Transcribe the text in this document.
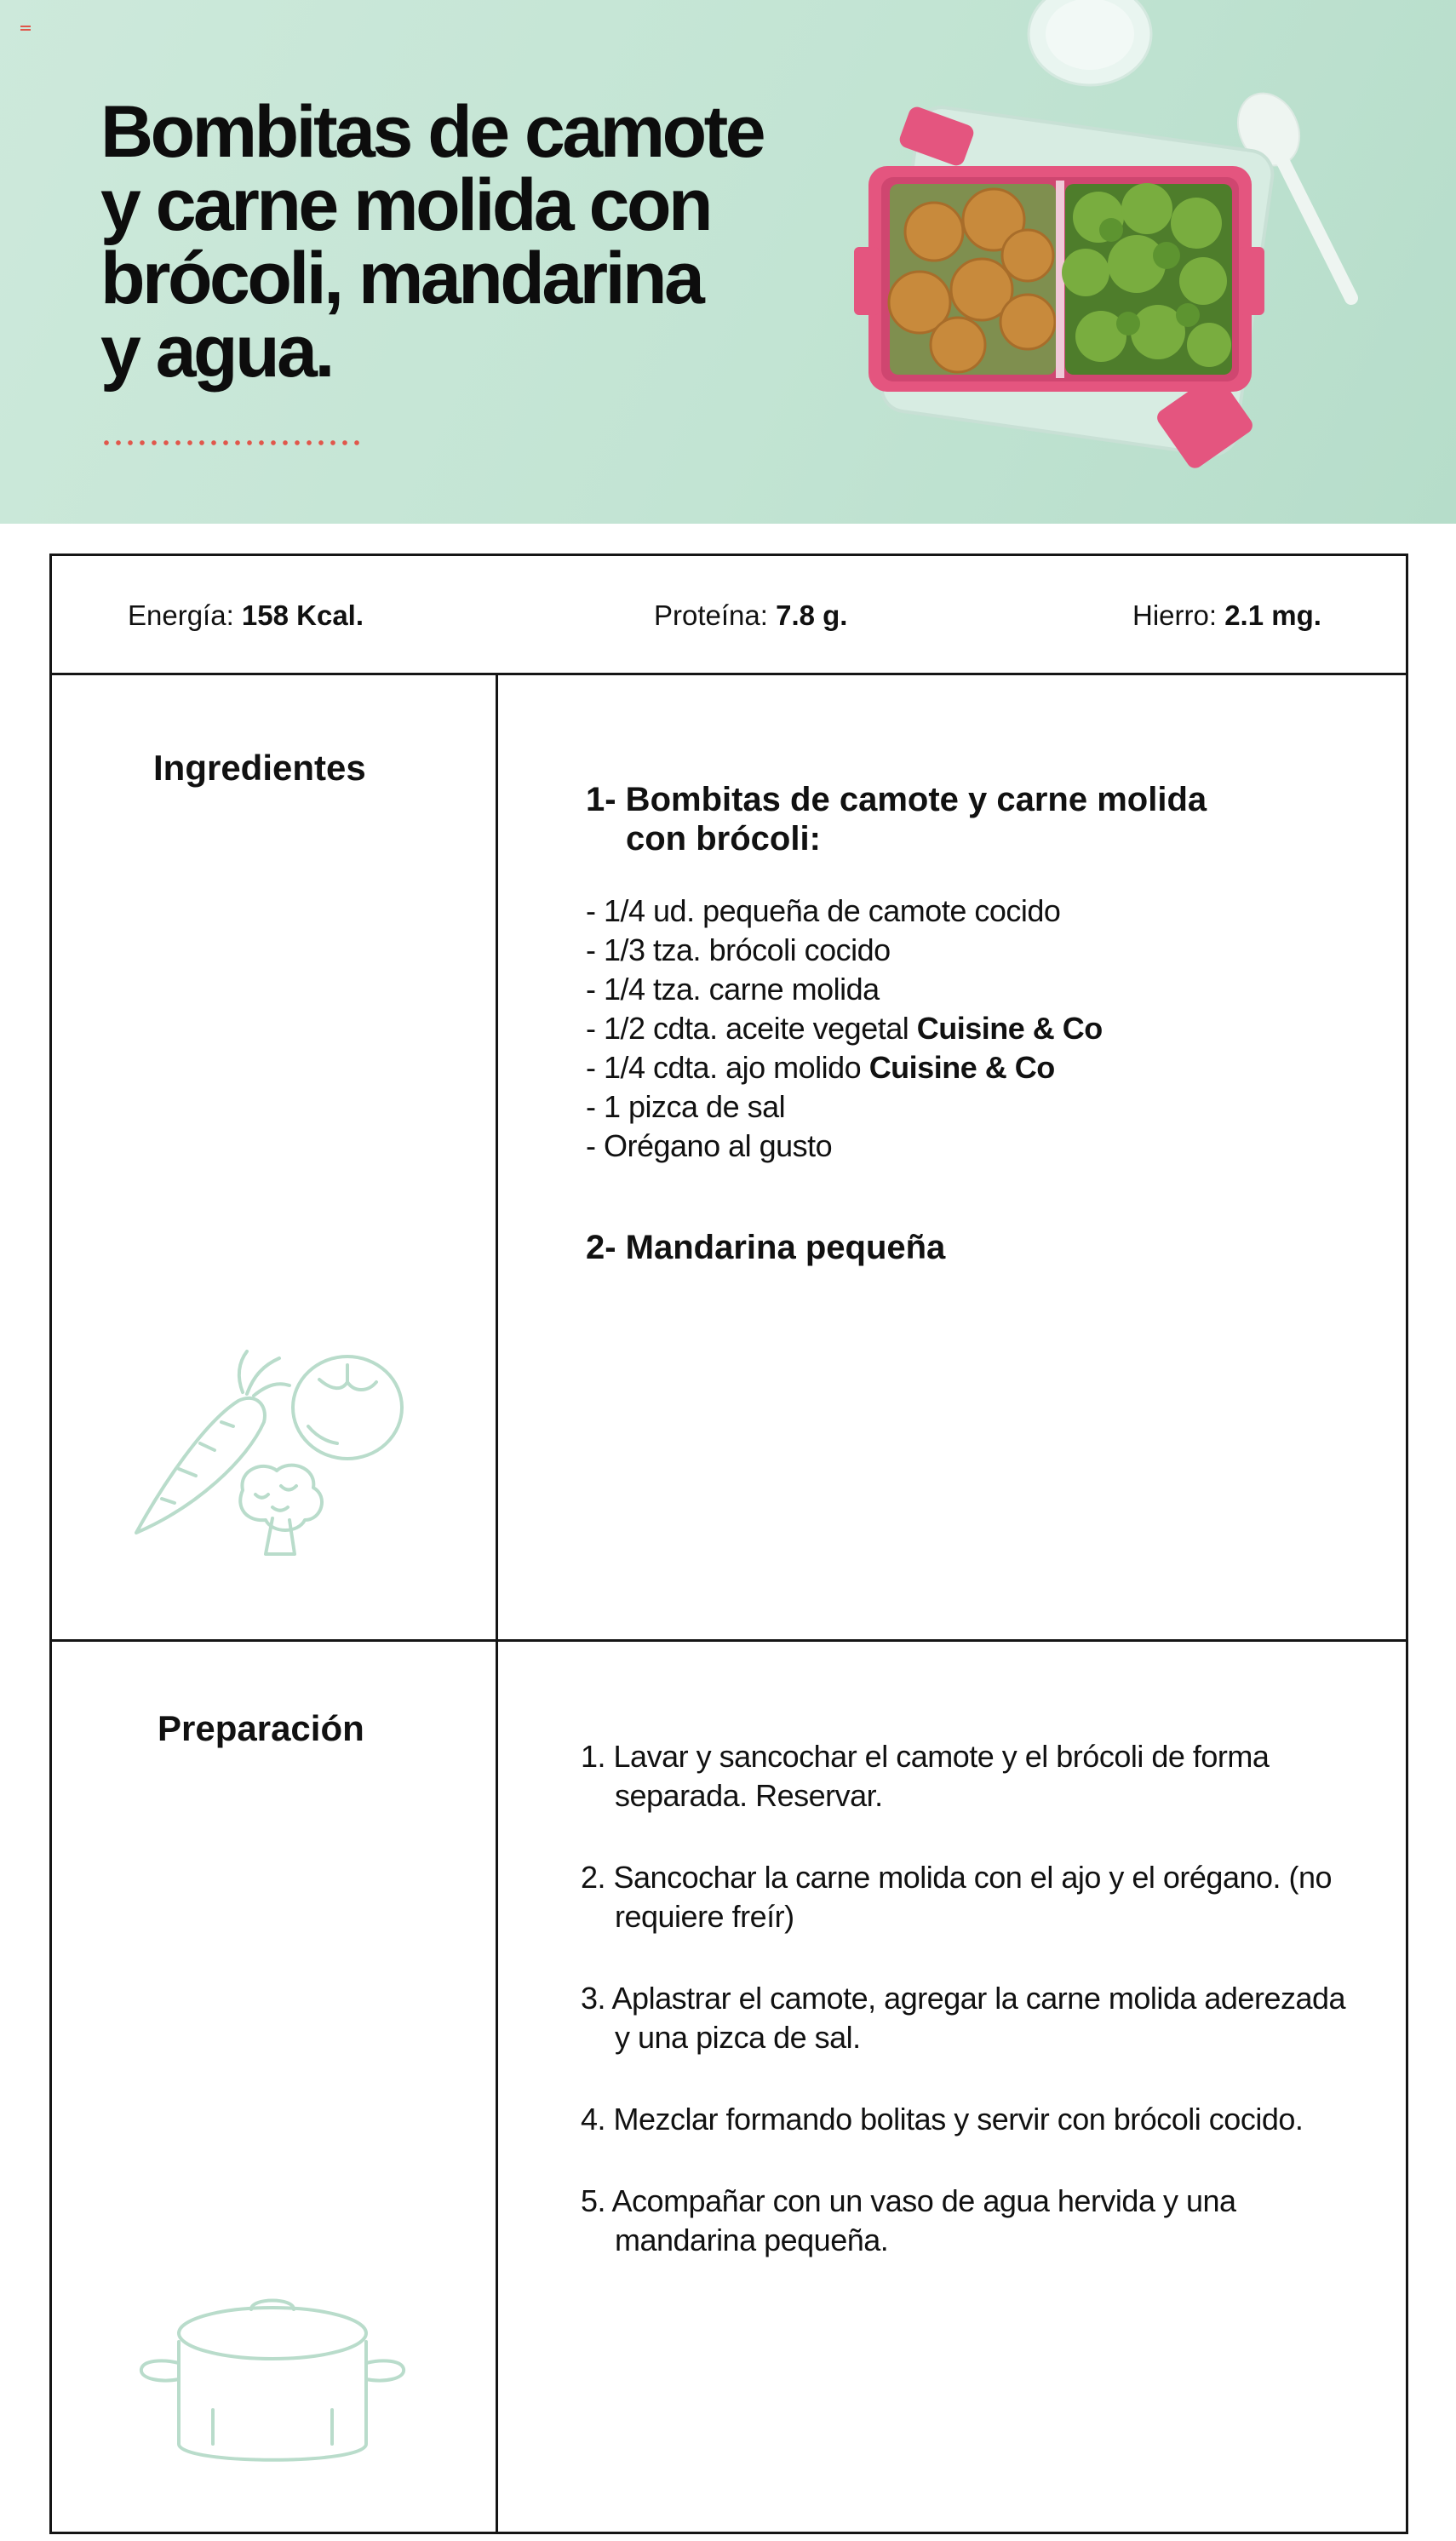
Bombitas de camote
y carne molida con
brócoli, mandarina
y agua.
Energía: 158 Kcal.	Proteína: 7.8 g.	Hierro: 2.1 mg.
Ingredientes
1- Bombitas de camote y carne molida
con brócoli:
- 1/4 ud. pequeña de camote cocido
- 1/3 tza. brócoli cocido
- 1/4 tza. carne molida
- 1/2 cdta. aceite vegetal Cuisine & Co
- 1/4 cdta. ajo molido Cuisine & Co
- 1 pizca de sal
- Orégano al gusto
2- Mandarina pequeña
Preparación
1. Lavar y sancochar el camote y el brócoli de forma separada. Reservar.
2. Sancochar la carne molida con el ajo y el orégano. (no requiere freír)
3. Aplastrar el camote, agregar la carne molida aderezada y una pizca de sal.
4. Mezclar formando bolitas y servir con brócoli cocido.
5. Acompañar con un vaso de agua hervida y una mandarina pequeña.
